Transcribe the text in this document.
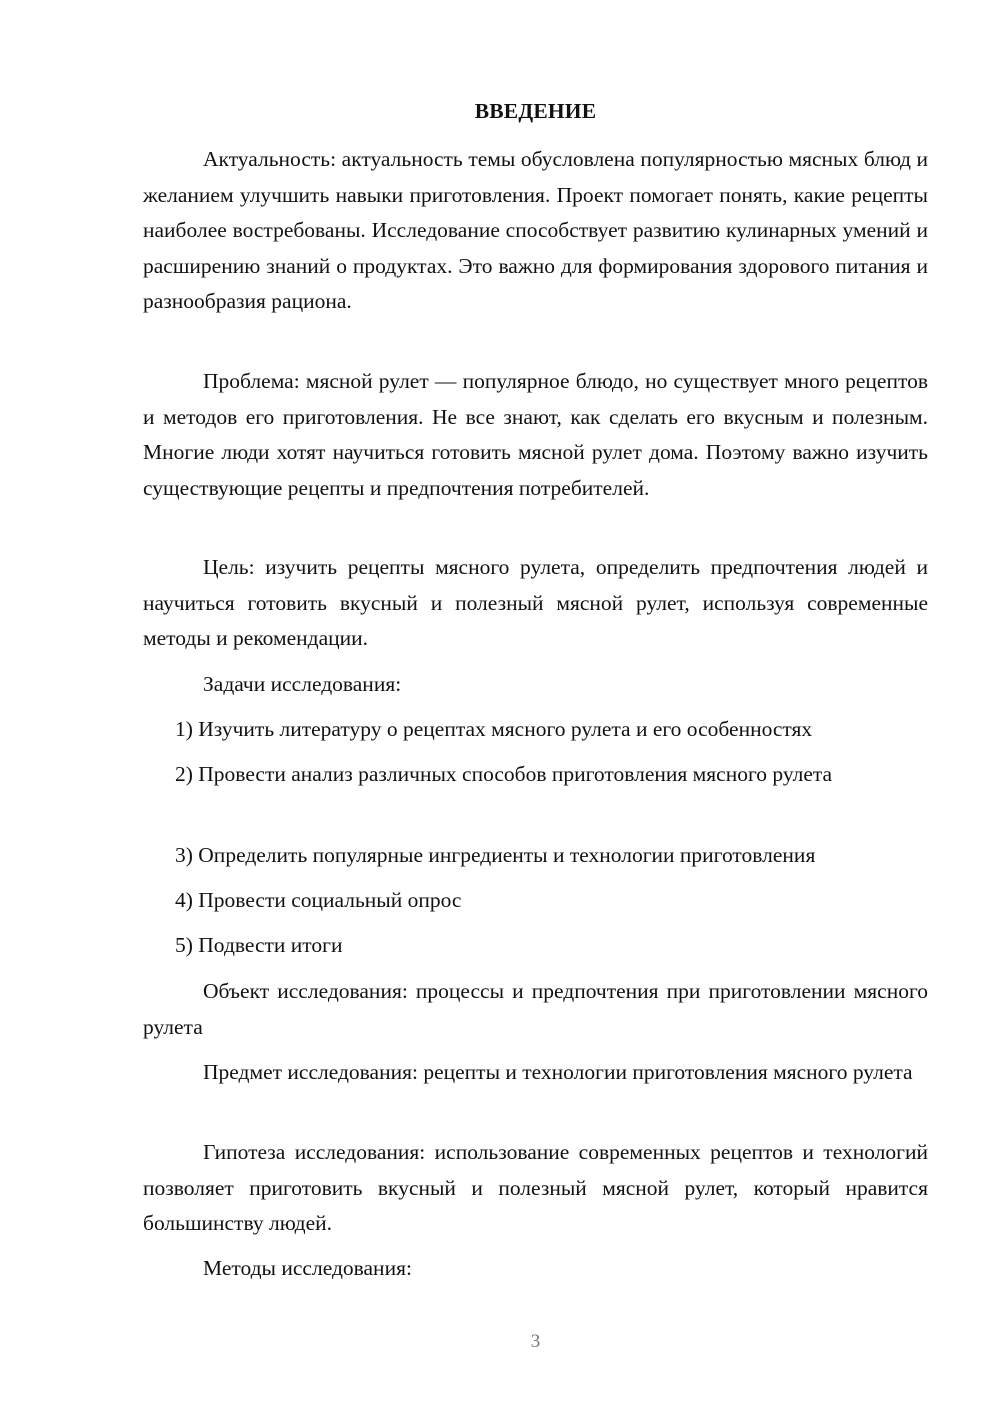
ВВЕДЕНИЕ

Актуальность: актуальность темы обусловлена популярностью мясных блюд и желанием улучшить навыки приготовления. Проект помогает понять, какие рецепты наиболее востребованы. Исследование способствует развитию кулинарных умений и расширению знаний о продуктах. Это важно для формирования здорового питания и разнообразия рациона.

Проблема: мясной рулет — популярное блюдо, но существует много рецептов и методов его приготовления. Не все знают, как сделать его вкусным и полезным. Многие люди хотят научиться готовить мясной рулет дома. Поэтому важно изучить существующие рецепты и предпочтения потребителей.

Цель: изучить рецепты мясного рулета, определить предпочтения людей и научиться готовить вкусный и полезный мясной рулет, используя современные методы и рекомендации.

Задачи исследования:

1) Изучить литературу о рецептах мясного рулета и его особенностях

2) Провести анализ различных способов приготовления мясного рулета

3) Определить популярные ингредиенты и технологии приготовления

4) Провести социальный опрос

5) Подвести итоги

Объект исследования: процессы и предпочтения при приготовлении мясного рулета

Предмет исследования: рецепты и технологии приготовления мясного рулета

Гипотеза исследования: использование современных рецептов и технологий позволяет приготовить вкусный и полезный мясной рулет, который нравится большинству людей.

Методы исследования:

3
